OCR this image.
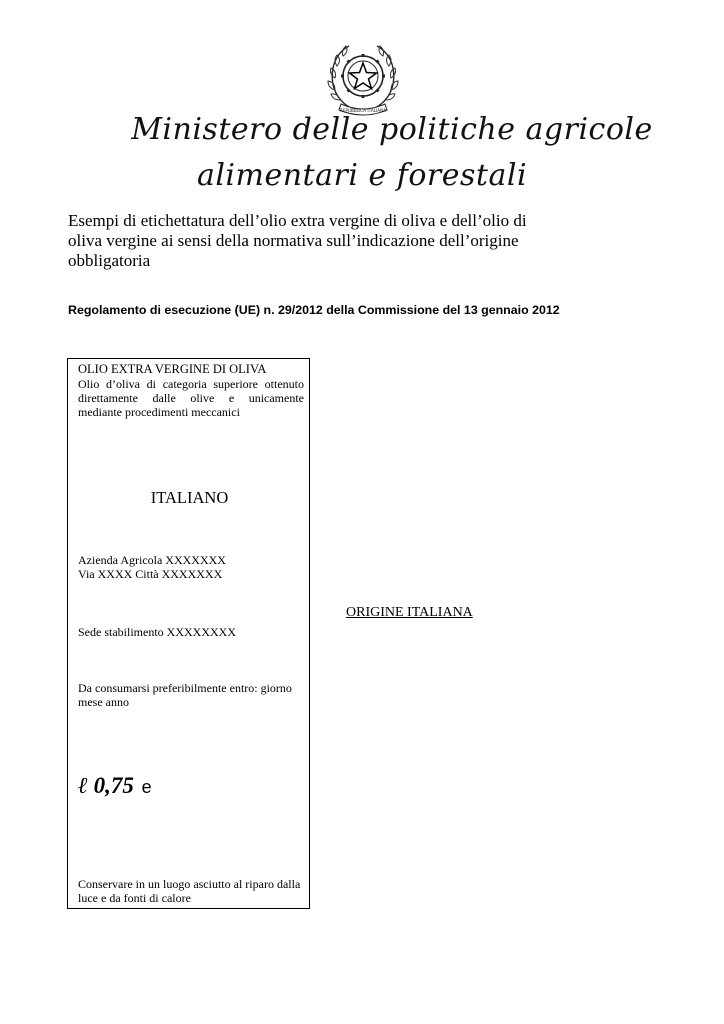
REPUBBLICA ITALIANA
Ministero delle politiche agricole
alimentari e forestali
Esempi di etichettatura dell’olio extra vergine di oliva e dell’olio di oliva vergine ai sensi della normativa sull’indicazione dell’origine obbligatoria
Regolamento di esecuzione (UE) n. 29/2012 della Commissione del 13 gennaio 2012
OLIO EXTRA VERGINE DI OLIVA
Olio d’oliva di categoria superiore ottenuto direttamente dalle olive e unicamente mediante procedimenti meccanici
ITALIANO
Azienda Agricola XXXXXXX
Via XXXX Città XXXXXXX
Sede stabilimento XXXXXXXX
Da consumarsi preferibilmente entro: giorno mese anno
ℓ 0,75 e
Conservare in un luogo asciutto al riparo dalla luce e da fonti di calore
ORIGINE ITALIANA
